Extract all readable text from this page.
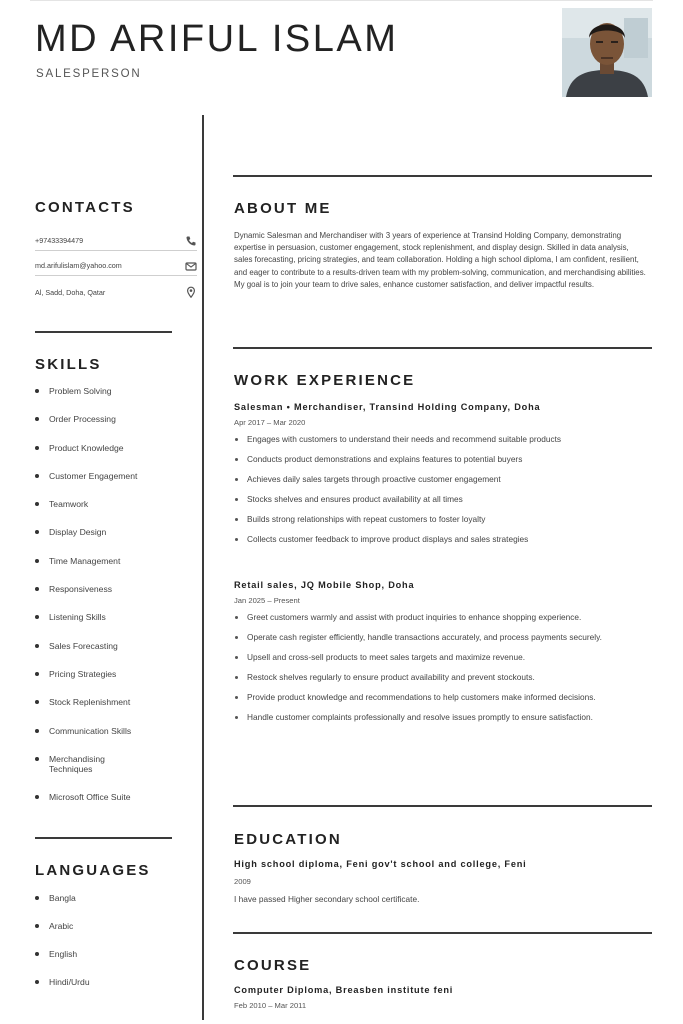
MD ARIFUL ISLAM
SALESPERSON
CONTACTS
+97433394479
md.arifulislam@yahoo.com
Al, Sadd, Doha, Qatar
SKILLS
Problem Solving
Order Processing
Product Knowledge
Customer Engagement
Teamwork
Display Design
Time Management
Responsiveness
Listening Skills
Sales Forecasting
Pricing Strategies
Stock Replenishment
Communication Skills
Merchandising Techniques
Microsoft Office Suite
LANGUAGES
Bangla
Arabic
English
Hindi/Urdu
ABOUT ME
Dynamic Salesman and Merchandiser with 3 years of experience at Transind Holding Company, demonstrating expertise in persuasion, customer engagement, stock replenishment, and display design. Skilled in data analysis, sales forecasting, pricing strategies, and team collaboration. Holding a high school diploma, I am confident, resilient, and eager to contribute to a results-driven team with my problem-solving, communication, and merchandising abilities. My goal is to join your team to drive sales, enhance customer satisfaction, and deliver impactful results.
WORK EXPERIENCE
Salesman • Merchandiser, Transind Holding Company, Doha
Apr 2017 – Mar 2020
Engages with customers to understand their needs and recommend suitable products
Conducts product demonstrations and explains features to potential buyers
Achieves daily sales targets through proactive customer engagement
Stocks shelves and ensures product availability at all times
Builds strong relationships with repeat customers to foster loyalty
Collects customer feedback to improve product displays and sales strategies
Retail sales, JQ Mobile Shop, Doha
Jan 2025 – Present
Greet customers warmly and assist with product inquiries to enhance shopping experience.
Operate cash register efficiently, handle transactions accurately, and process payments securely.
Upsell and cross-sell products to meet sales targets and maximize revenue.
Restock shelves regularly to ensure product availability and prevent stockouts.
Provide product knowledge and recommendations to help customers make informed decisions.
Handle customer complaints professionally and resolve issues promptly to ensure satisfaction.
EDUCATION
High school diploma, Feni gov't school and college, Feni
2009
I have passed Higher secondary school certificate.
COURSE
Computer Diploma, Breasben institute feni
Feb 2010 – Mar 2011
